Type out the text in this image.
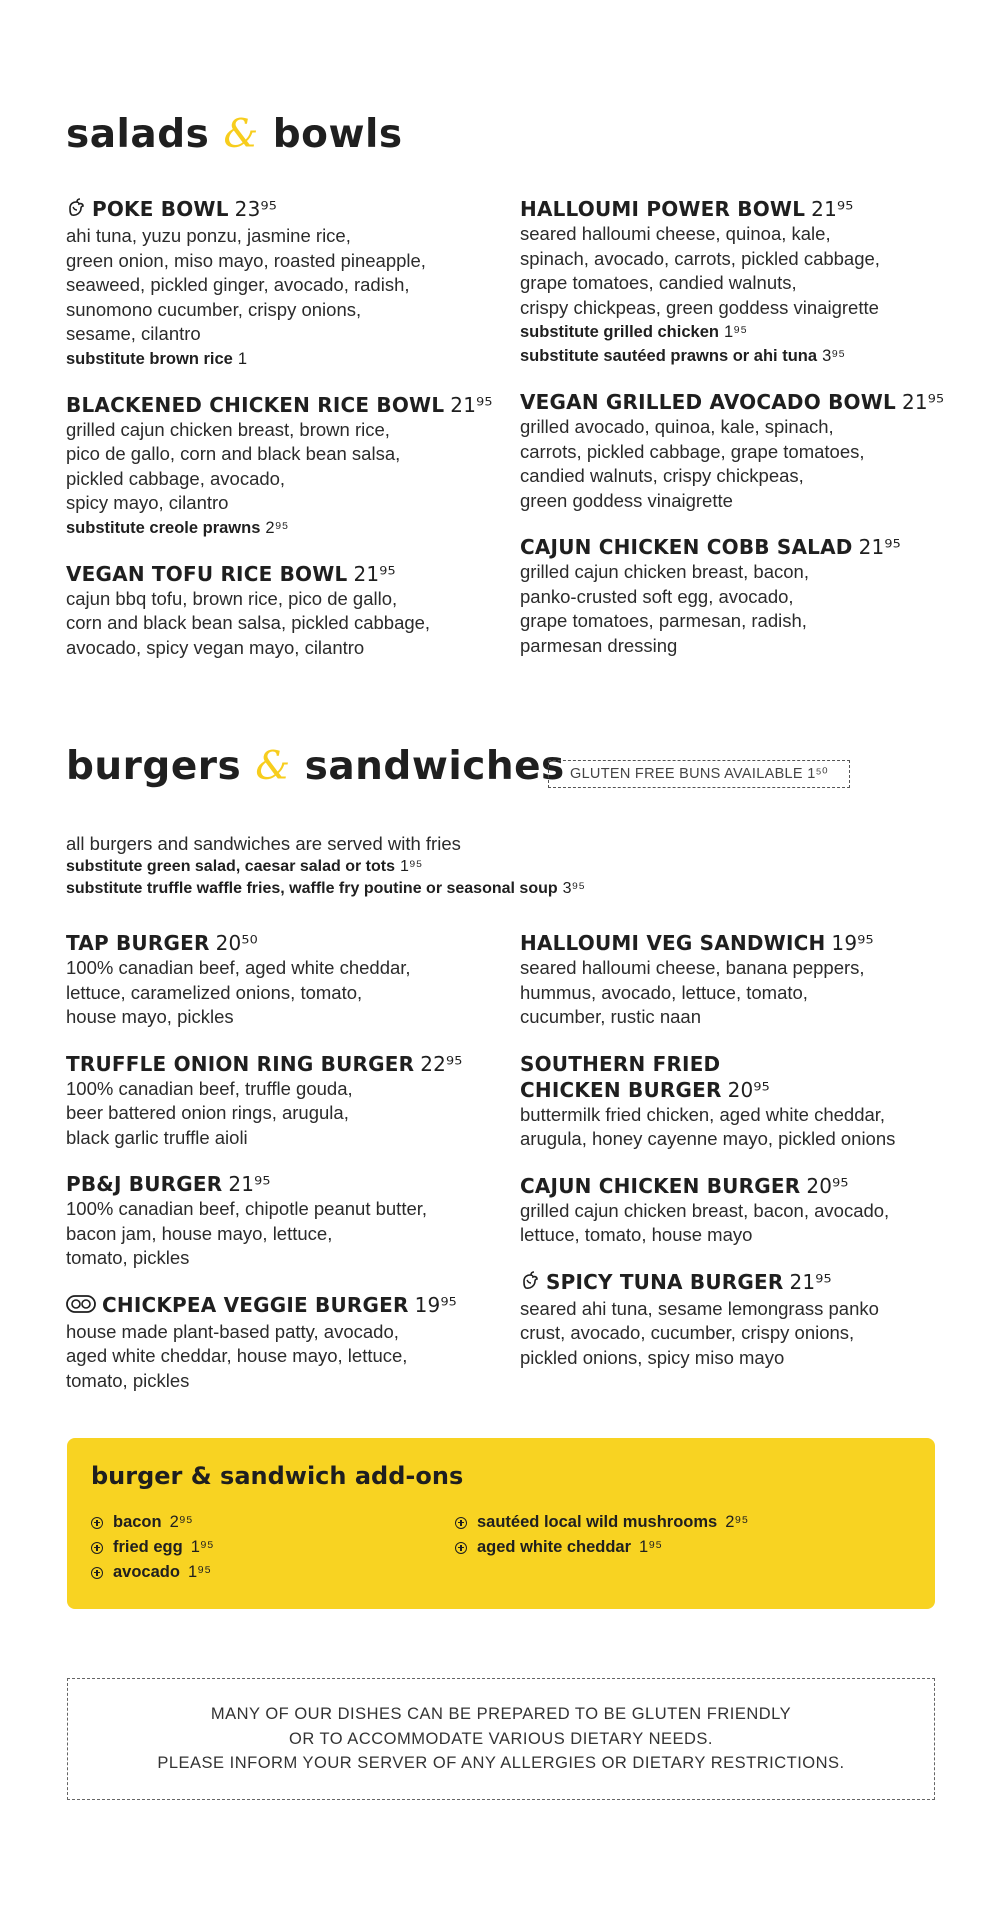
salads & bowls
POKE BOWL 23⁹⁵
ahi tuna, yuzu ponzu, jasmine rice,
green onion, miso mayo, roasted pineapple,
seaweed, pickled ginger, avocado, radish,
sunomono cucumber, crispy onions,
sesame, cilantro
substitute brown rice 1
BLACKENED CHICKEN RICE BOWL 21⁹⁵
grilled cajun chicken breast, brown rice,
pico de gallo, corn and black bean salsa,
pickled cabbage, avocado,
spicy mayo, cilantro
substitute creole prawns 2⁹⁵
VEGAN TOFU RICE BOWL 21⁹⁵
cajun bbq tofu, brown rice, pico de gallo,
corn and black bean salsa, pickled cabbage,
avocado, spicy vegan mayo, cilantro
HALLOUMI POWER BOWL 21⁹⁵
seared halloumi cheese, quinoa, kale,
spinach, avocado, carrots, pickled cabbage,
grape tomatoes, candied walnuts,
crispy chickpeas, green goddess vinaigrette
substitute grilled chicken 1⁹⁵
substitute sautéed prawns or ahi tuna 3⁹⁵
VEGAN GRILLED AVOCADO BOWL 21⁹⁵
grilled avocado, quinoa, kale, spinach,
carrots, pickled cabbage, grape tomatoes,
candied walnuts, crispy chickpeas,
green goddess vinaigrette
CAJUN CHICKEN COBB SALAD 21⁹⁵
grilled cajun chicken breast, bacon,
panko-crusted soft egg, avocado,
grape tomatoes, parmesan, radish,
parmesan dressing
burgers & sandwiches GLUTEN FREE BUNS AVAILABLE 1⁵⁰
all burgers and sandwiches are served with fries
substitute green salad, caesar salad or tots 1⁹⁵
substitute truffle waffle fries, waffle fry poutine or seasonal soup 3⁹⁵
TAP BURGER 20⁵⁰
100% canadian beef, aged white cheddar,
lettuce, caramelized onions, tomato,
house mayo, pickles
TRUFFLE ONION RING BURGER 22⁹⁵
100% canadian beef, truffle gouda,
beer battered onion rings, arugula,
black garlic truffle aioli
PB&J BURGER 21⁹⁵
100% canadian beef, chipotle peanut butter,
bacon jam, house mayo, lettuce,
tomato, pickles
CHICKPEA VEGGIE BURGER 19⁹⁵
house made plant-based patty, avocado,
aged white cheddar, house mayo, lettuce,
tomato, pickles
HALLOUMI VEG SANDWICH 19⁹⁵
seared halloumi cheese, banana peppers,
hummus, avocado, lettuce, tomato,
cucumber, rustic naan
SOUTHERN FRIED
CHICKEN BURGER 20⁹⁵
buttermilk fried chicken, aged white cheddar,
arugula, honey cayenne mayo, pickled onions
CAJUN CHICKEN BURGER 20⁹⁵
grilled cajun chicken breast, bacon, avocado,
lettuce, tomato, house mayo
SPICY TUNA BURGER 21⁹⁵
seared ahi tuna, sesame lemongrass panko
crust, avocado, cucumber, crispy onions,
pickled onions, spicy miso mayo
burger & sandwich add-ons
bacon 2⁹⁵
fried egg 1⁹⁵
avocado 1⁹⁵
sautéed local wild mushrooms 2⁹⁵
aged white cheddar 1⁹⁵
MANY OF OUR DISHES CAN BE PREPARED TO BE GLUTEN FRIENDLY
OR TO ACCOMMODATE VARIOUS DIETARY NEEDS.
PLEASE INFORM YOUR SERVER OF ANY ALLERGIES OR DIETARY RESTRICTIONS.
